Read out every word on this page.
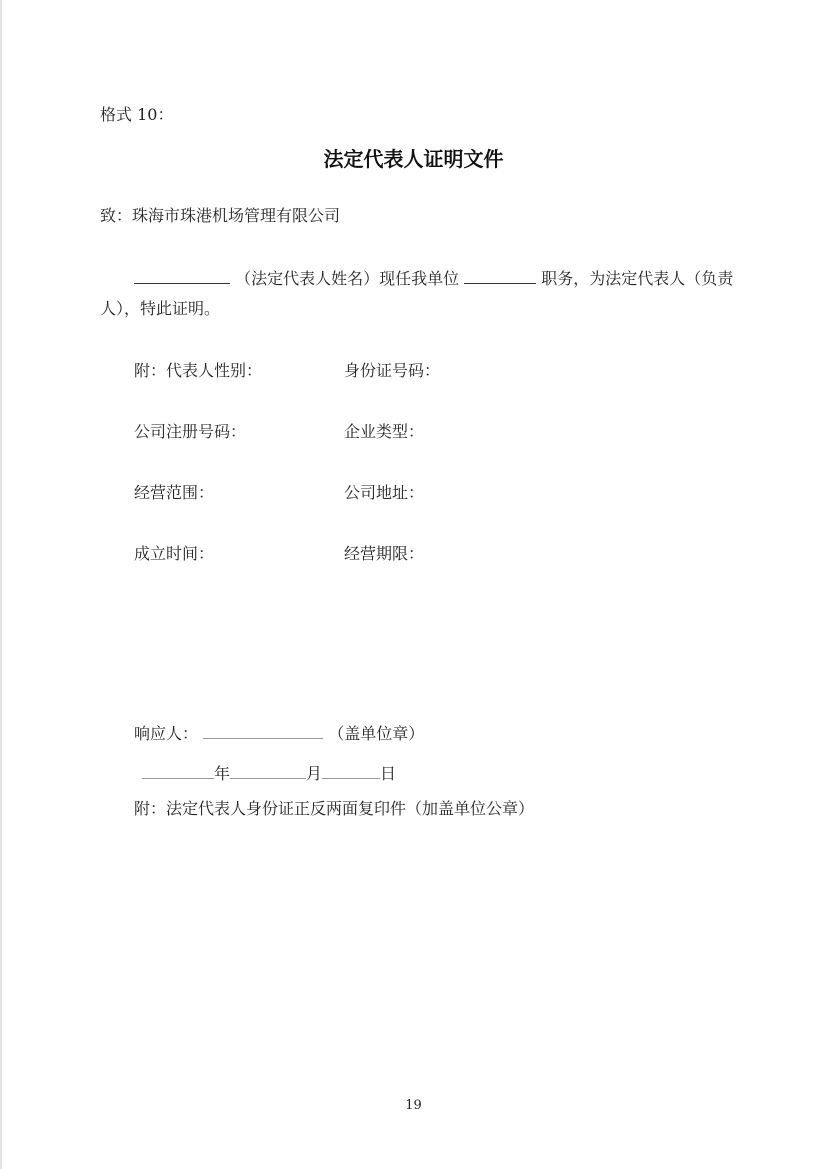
格式 10：
法定代表人证明文件
致：珠海市珠港机场管理有限公司
（法定代表人姓名）现任我单位	职务，为法定代表人（负责
人），特此证明。
附：代表人性别：	身份证号码：
公司注册号码：	企业类型：
经营范围：	公司地址：
成立时间：	经营期限：
响应人：	（盖单位章）
年	月	日
附：法定代表人身份证正反两面复印件（加盖单位公章）
19
